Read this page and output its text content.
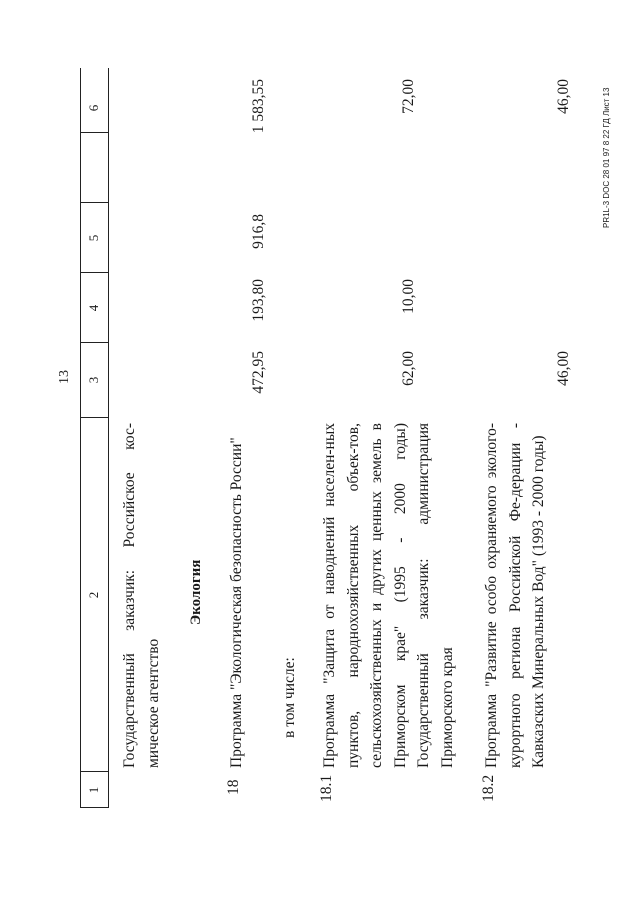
13
1
2
3
4
5
6
Государственный заказчик: Российское кос-мическое агентство
Экология
18
Программа "Экологическая безопасность России"
472,95
193,80
916,8
1 583,55
в том числе:
18.1
Программа "Защита от наводнений населен-ных пунктов, народнохозяйственных объек-тов, сельскохозяйственных и других ценных земель в Приморском крае" (1995 - 2000 годы) Государственный заказчик: администрация Приморского края
62,00
10,00
72,00
18.2
Программа "Развитие особо охраняемого эколого-курортного региона Российской Фе-дерации - Кавказских Минеральных Вод" (1993 - 2000 годы)
46,00
46,00	PR1L-3 DOC 28 01 97 8 22 ГД Лист 13
